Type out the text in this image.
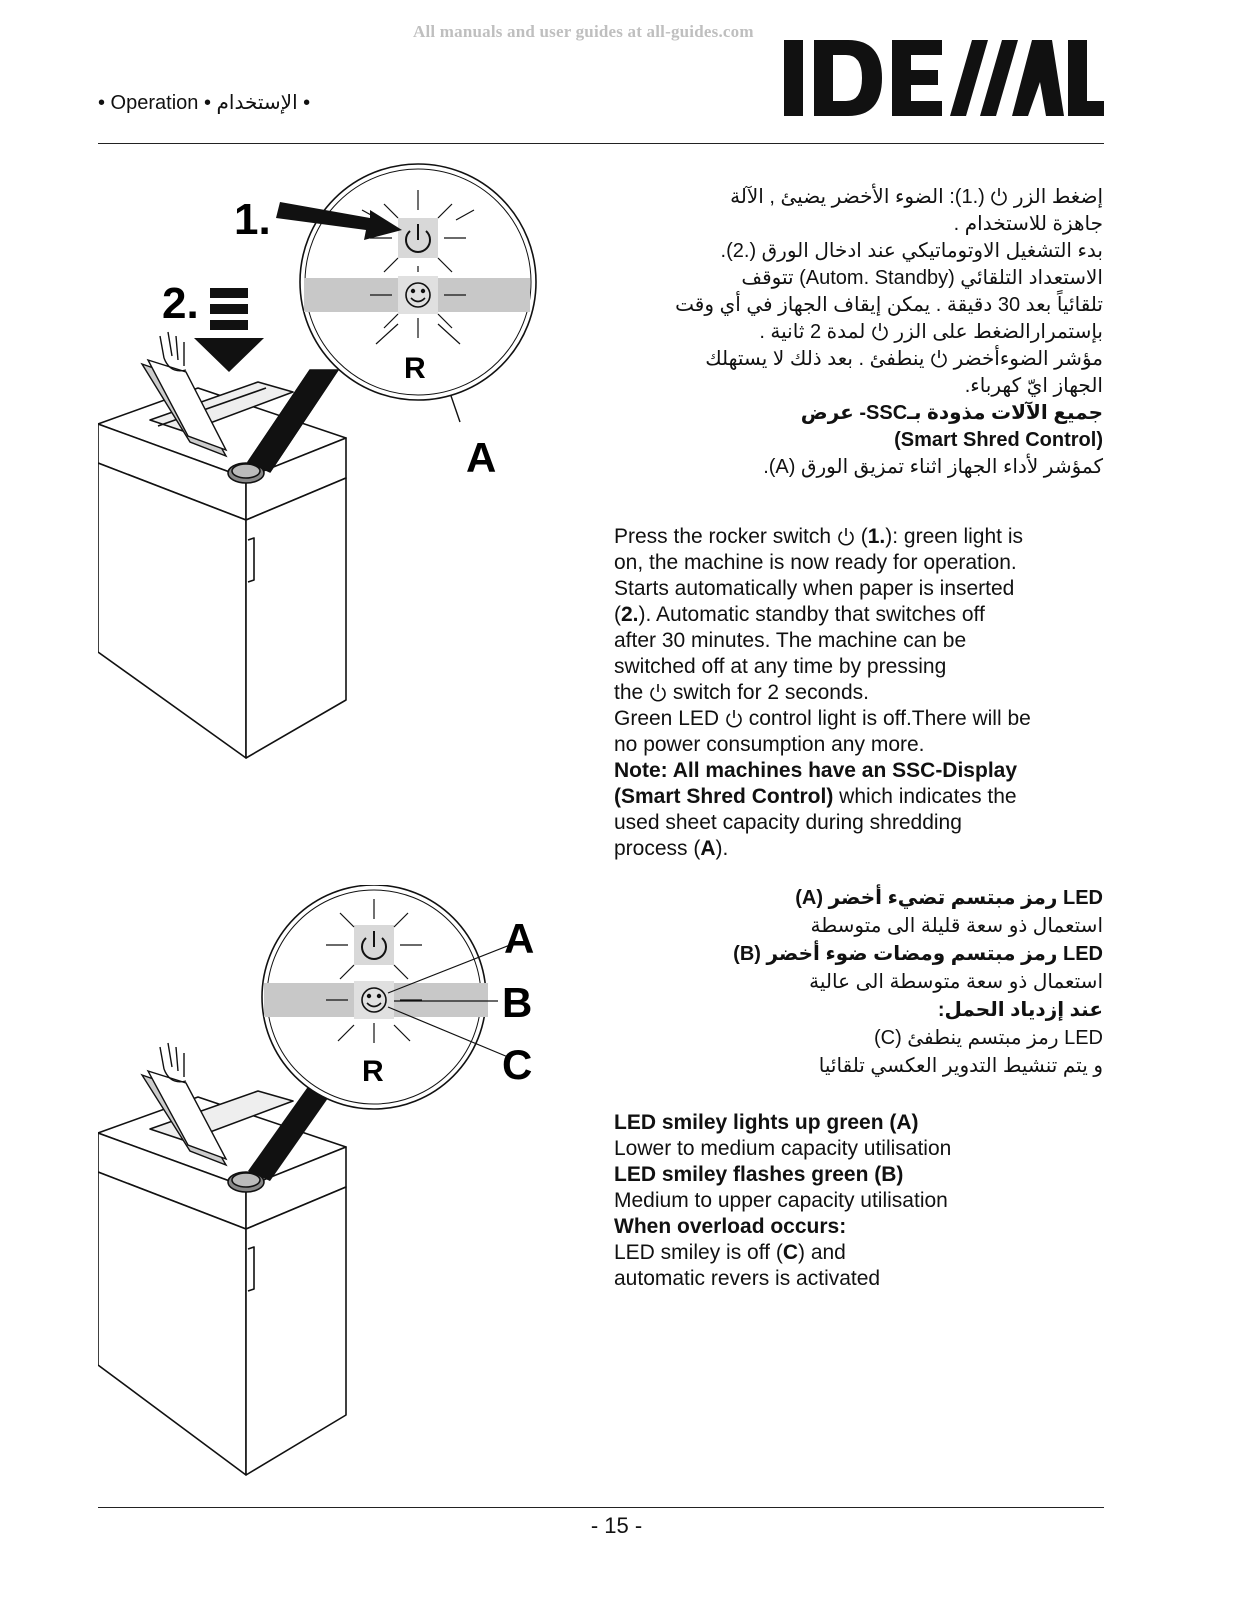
All manuals and user guides at all-guides.com
• Operation • الإستخدام •
IDEAL
1.
2.
R
A
إضغط الزر  (.1): الضوء الأخضر يضيئ , الآلة
جاهزة للاستخدام .
بدء التشغيل الاوتوماتيكي عند ادخال الورق (.2).
الاستعداد التلقائي (Autom. Standby) تتوقف
تلقائياً بعد 30 دقيقة . يمكن إيقاف الجهاز في أي وقت
بإستمرارالضغط على الزر  لمدة 2 ثانية .
مؤشر الضوءأخضر  ينطفئ . بعد ذلك لا يستهلك
الجهاز ايّ كهرباء.
جميع الآلات مذودة بـSSC- عرض
(Smart Shred Control)
كمؤشر لأداء الجهاز اثناء تمزيق الورق (A).
Press the rocker switch  (1.): green light is
on, the machine is now ready for operation.
Starts automatically when paper is inserted
(2.). Automatic standby that switches off
after 30 minutes. The machine can be
switched off at any time by pressing
the switch for 2 seconds.
Green LED control light is off.There will be
no power consumption any more.
Note: All machines have an SSC-Display
(Smart Shred Control) which indicates the
used sheet capacity during shredding
process (A).
R
A
B
C
LED رمز مبتسم تضيء أخضر (A)
استعمال ذو سعة قليلة الى متوسطة
LED رمز مبتسم ومضات ضوء أخضر (B)
استعمال ذو سعة متوسطة الى عالية
عند إزدياد الحمل:
LED رمز مبتسم ينطفئ (C)
و يتم تنشيط التدوير العكسي تلقائيا
LED smiley lights up green (A)
Lower to medium capacity utilisation
LED smiley flashes green (B)
Medium to upper capacity utilisation
When overload occurs:
LED smiley is off (C) and
automatic revers is activated
- 15 -
